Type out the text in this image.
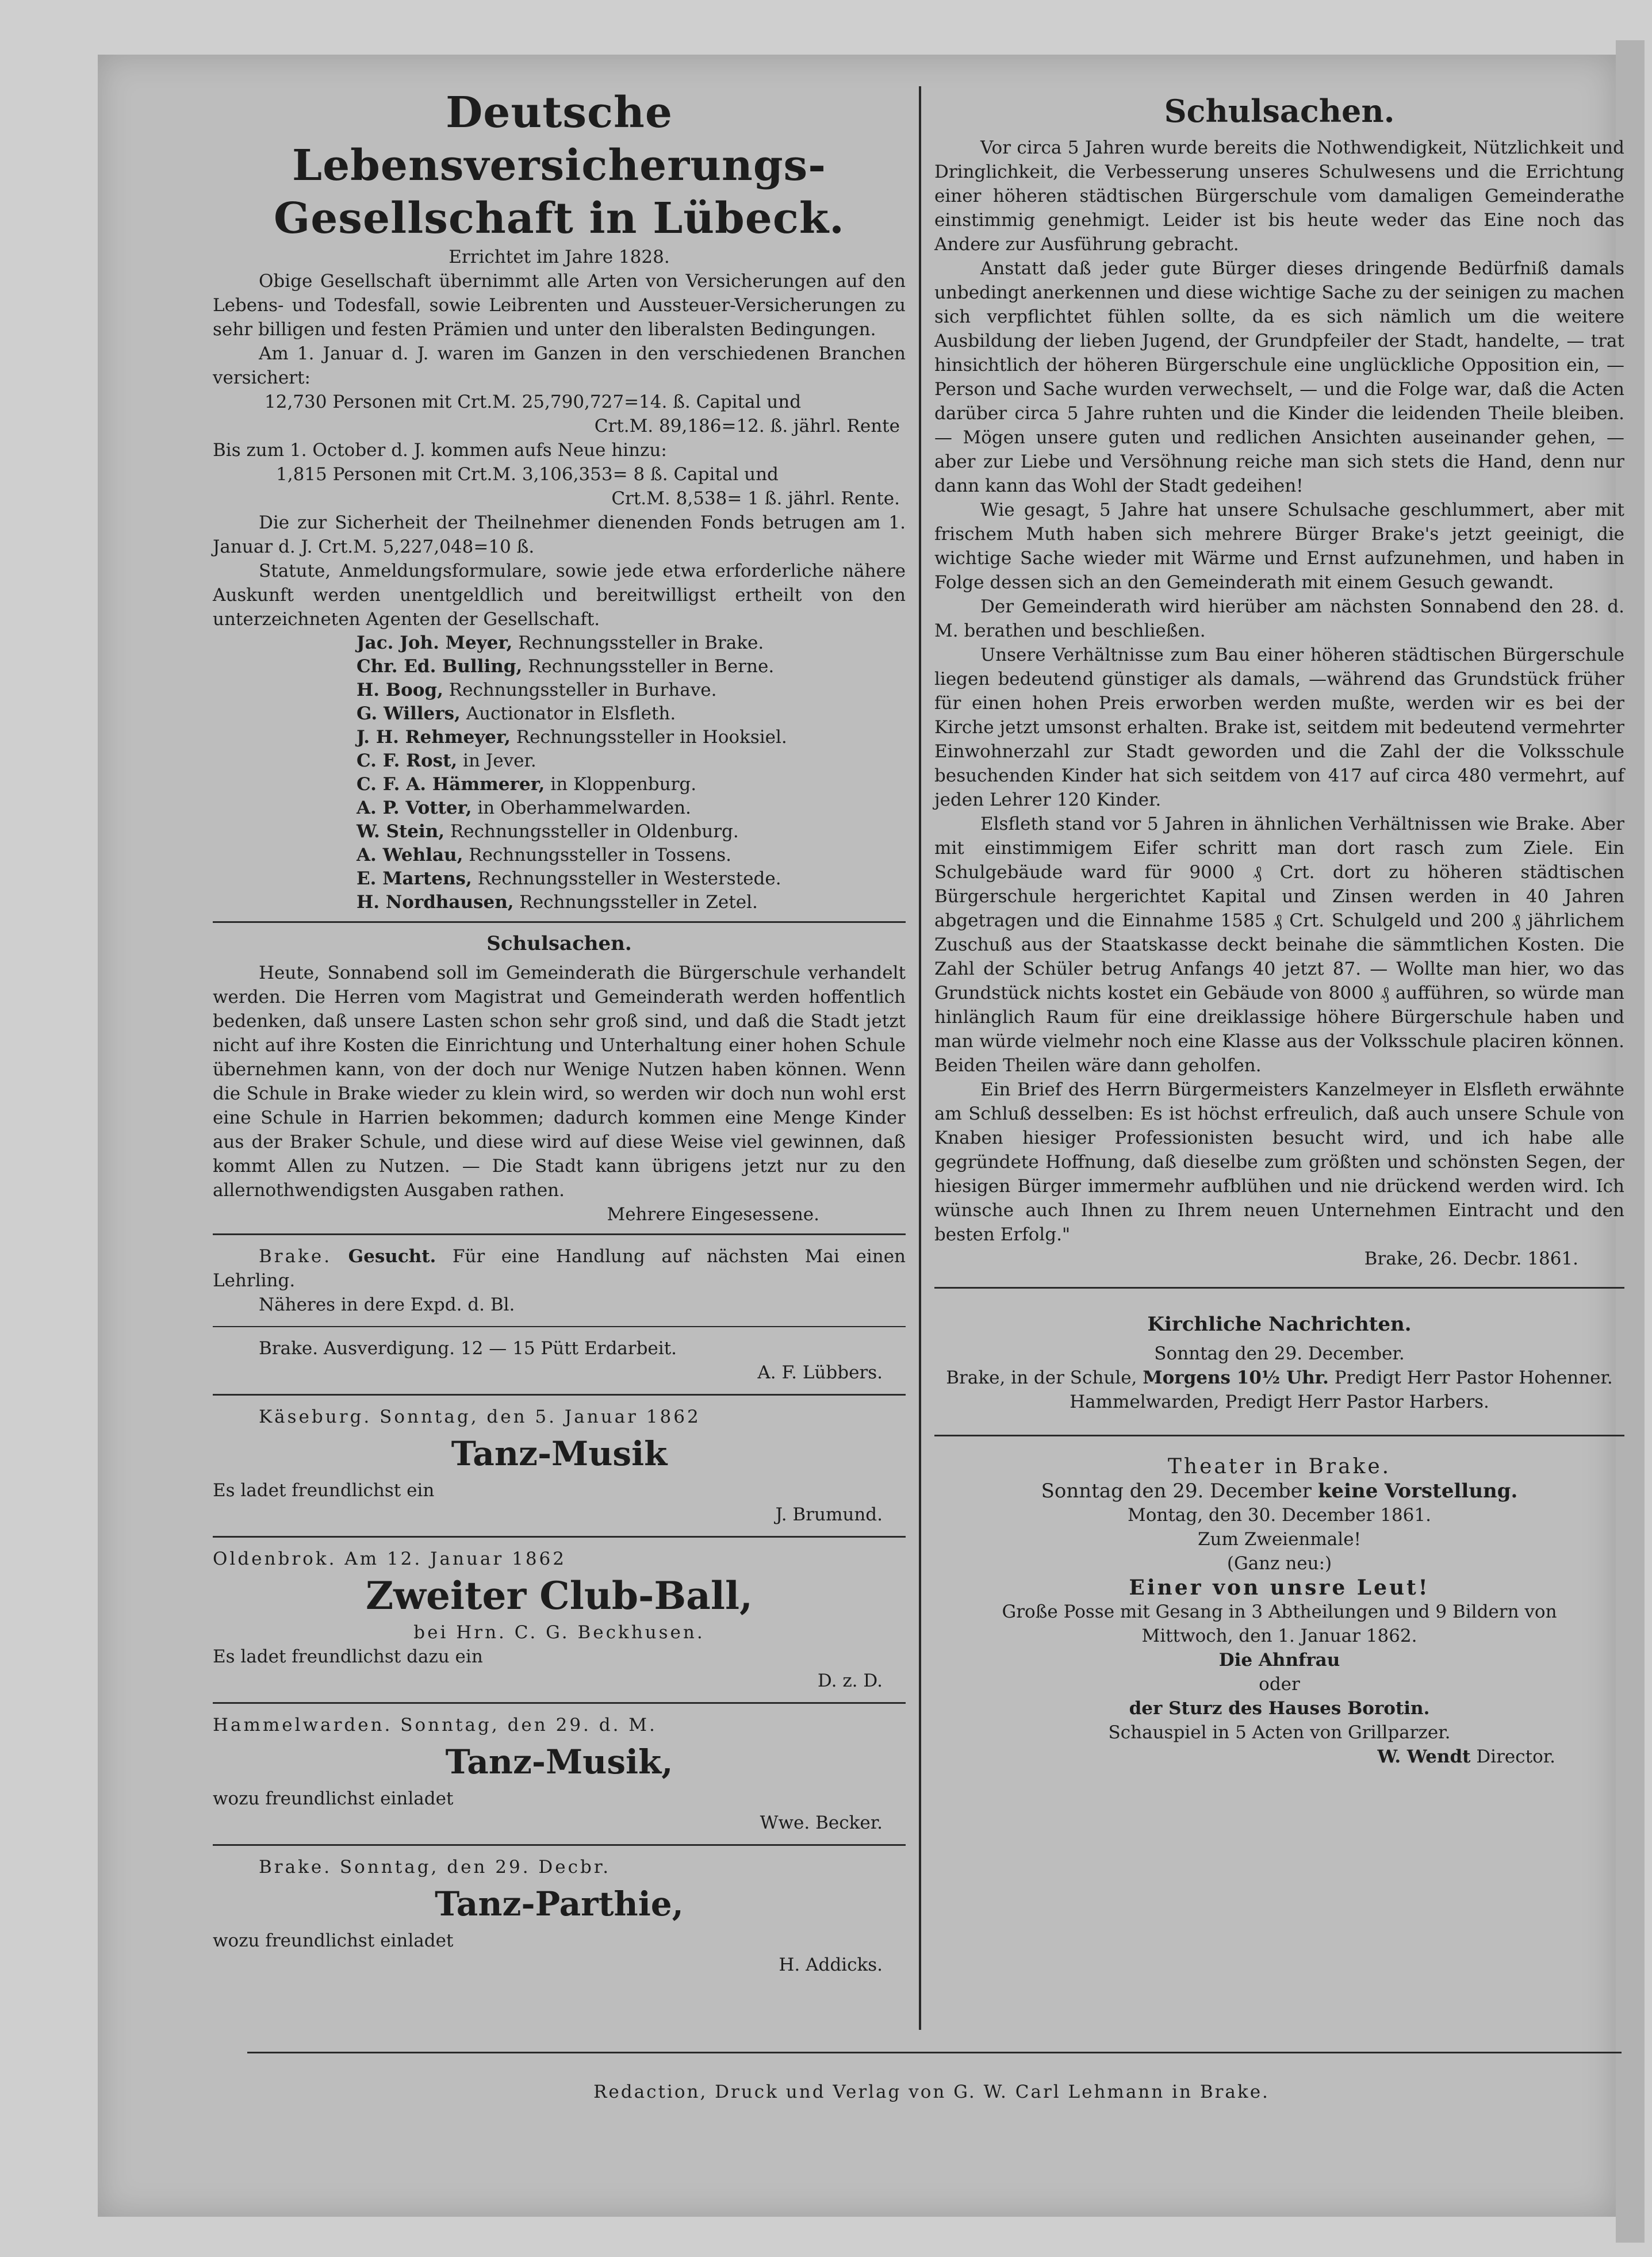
Deutsche Lebensversicherungs-
Gesellschaft in Lübeck.

Errichtet im Jahre 1828.

Obige Gesellschaft übernimmt alle Arten von Versicherungen auf den Lebens- und Todesfall, sowie Leibrenten und Aussteuer-Versicherungen zu sehr billigen und festen Prämien und unter den liberalsten Bedingungen.

Am 1. Januar d. J. waren im Ganzen in den verschiedenen Branchen versichert:

12,730 Personen mit Crt.M. 25,790,727=14. ß. Capital und

Crt.M. 89,186=12. ß. jährl. Rente

Bis zum 1. October d. J. kommen aufs Neue hinzu:

1,815 Personen mit Crt.M. 3,106,353= 8 ß. Capital und

Crt.M. 8,538= 1 ß. jährl. Rente.

Die zur Sicherheit der Theilnehmer dienenden Fonds betrugen am 1. Januar d. J. Crt.M. 5,227,048=10 ß.

Statute, Anmeldungsformulare, sowie jede etwa erforderliche nähere Auskunft werden unentgeldlich und bereitwilligst ertheilt von den unterzeichneten Agenten der Gesellschaft.

Jac. Joh. Meyer, Rechnungssteller in Brake.

Chr. Ed. Bulling, Rechnungssteller in Berne.

H. Boog, Rechnungssteller in Burhave.

G. Willers, Auctionator in Elsfleth.

J. H. Rehmeyer, Rechnungssteller in Hooksiel.

C. F. Rost, in Jever.

C. F. A. Hämmerer, in Kloppenburg.

A. P. Votter, in Oberhammelwarden.

W. Stein, Rechnungssteller in Oldenburg.

A. Wehlau, Rechnungssteller in Tossens.

E. Martens, Rechnungssteller in Westerstede.

H. Nordhausen, Rechnungssteller in Zetel.

Schulsachen.

Heute, Sonnabend soll im Gemeinderath die Bürgerschule verhandelt werden. Die Herren vom Magistrat und Gemeinderath werden hoffentlich bedenken, daß unsere Lasten schon sehr groß sind, und daß die Stadt jetzt nicht auf ihre Kosten die Einrichtung und Unterhaltung einer hohen Schule übernehmen kann, von der doch nur Wenige Nutzen haben können. Wenn die Schule in Brake wieder zu klein wird, so werden wir doch nun wohl erst eine Schule in Harrien bekommen; dadurch kommen eine Menge Kinder aus der Braker Schule, und diese wird auf diese Weise viel gewinnen, daß kommt Allen zu Nutzen. — Die Stadt kann übrigens jetzt nur zu den allernothwendigsten Ausgaben rathen.

Mehrere Eingesessene.

Brake. Gesucht. Für eine Handlung auf nächsten Mai einen Lehrling.

Näheres in dere Expd. d. Bl.

Brake. Ausverdigung. 12 — 15 Pütt Erdarbeit.

A. F. Lübbers.

Käseburg. Sonntag, den 5. Januar 1862

Tanz-Musik

Es ladet freundlichst ein

J. Brumund.

Oldenbrok. Am 12. Januar 1862

Zweiter Club-Ball,

bei Hrn. C. G. Beckhusen.

Es ladet freundlichst dazu ein

D. z. D.

Hammelwarden. Sonntag, den 29. d. M.

Tanz-Musik,

wozu freundlichst einladet

Wwe. Becker.

Brake. Sonntag, den 29. Decbr.

Tanz-Parthie,

wozu freundlichst einladet

H. Addicks.

Schulsachen.

Vor circa 5 Jahren wurde bereits die Nothwendigkeit, Nützlichkeit und Dringlichkeit, die Verbesserung unseres Schulwesens und die Errichtung einer höheren städtischen Bürgerschule vom damaligen Gemeinderathe einstimmig genehmigt. Leider ist bis heute weder das Eine noch das Andere zur Ausführung gebracht.

Anstatt daß jeder gute Bürger dieses dringende Bedürfniß damals unbedingt anerkennen und diese wichtige Sache zu der seinigen zu machen sich verpflichtet fühlen sollte, da es sich nämlich um die weitere Ausbildung der lieben Jugend, der Grundpfeiler der Stadt, handelte, — trat hinsichtlich der höheren Bürgerschule eine unglückliche Opposition ein, — Person und Sache wurden verwechselt, — und die Folge war, daß die Acten darüber circa 5 Jahre ruhten und die Kinder die leidenden Theile bleiben. — Mögen unsere guten und redlichen Ansichten auseinander gehen, — aber zur Liebe und Versöhnung reiche man sich stets die Hand, denn nur dann kann das Wohl der Stadt gedeihen!

Wie gesagt, 5 Jahre hat unsere Schulsache geschlummert, aber mit frischem Muth haben sich mehrere Bürger Brake's jetzt geeinigt, die wichtige Sache wieder mit Wärme und Ernst aufzunehmen, und haben in Folge dessen sich an den Gemeinderath mit einem Gesuch gewandt.

Der Gemeinderath wird hierüber am nächsten Sonnabend den 28. d. M. berathen und beschließen.

Unsere Verhältnisse zum Bau einer höheren städtischen Bürgerschule liegen bedeutend günstiger als damals, —während das Grundstück früher für einen hohen Preis erworben werden mußte, werden wir es bei der Kirche jetzt umsonst erhalten. Brake ist, seitdem mit bedeutend vermehrter Einwohnerzahl zur Stadt geworden und die Zahl der die Volksschule besuchenden Kinder hat sich seitdem von 417 auf circa 480 vermehrt, auf jeden Lehrer 120 Kinder.

Elsfleth stand vor 5 Jahren in ähnlichen Verhältnissen wie Brake. Aber mit einstimmigem Eifer schritt man dort rasch zum Ziele. Ein Schulgebäude ward für 9000 ₰ Crt. dort zu höheren städtischen Bürgerschule hergerichtet Kapital und Zinsen werden in 40 Jahren abgetragen und die Einnahme 1585 ₰ Crt. Schulgeld und 200 ₰ jährlichem Zuschuß aus der Staatskasse deckt beinahe die sämmtlichen Kosten. Die Zahl der Schüler betrug Anfangs 40 jetzt 87. — Wollte man hier, wo das Grundstück nichts kostet ein Gebäude von 8000 ₰ aufführen, so würde man hinlänglich Raum für eine dreiklassige höhere Bürgerschule haben und man würde vielmehr noch eine Klasse aus der Volksschule placiren können. Beiden Theilen wäre dann geholfen.

Ein Brief des Herrn Bürgermeisters Kanzelmeyer in Elsfleth erwähnte am Schluß desselben: Es ist höchst erfreulich, daß auch unsere Schule von Knaben hiesiger Professionisten besucht wird, und ich habe alle gegründete Hoffnung, daß dieselbe zum größten und schönsten Segen, der hiesigen Bürger immermehr aufblühen und nie drückend werden wird. Ich wünsche auch Ihnen zu Ihrem neuen Unternehmen Eintracht und den besten Erfolg."

Brake, 26. Decbr. 1861.

Kirchliche Nachrichten.

Sonntag den 29. December.

Brake, in der Schule, Morgens 10½ Uhr. Predigt Herr Pastor Hohenner.

Hammelwarden, Predigt Herr Pastor Harbers.

Theater in Brake.

Sonntag den 29. December keine Vorstellung.

Montag, den 30. December 1861.

Zum Zweienmale!

(Ganz neu:)

Einer von unsre Leut!

Große Posse mit Gesang in 3 Abtheilungen und 9 Bildern von

Mittwoch, den 1. Januar 1862.

Die Ahnfrau

oder

der Sturz des Hauses Borotin.

Schauspiel in 5 Acten von Grillparzer.

W. Wendt Director.

Redaction, Druck und Verlag von G. W. Carl Lehmann in Brake.
